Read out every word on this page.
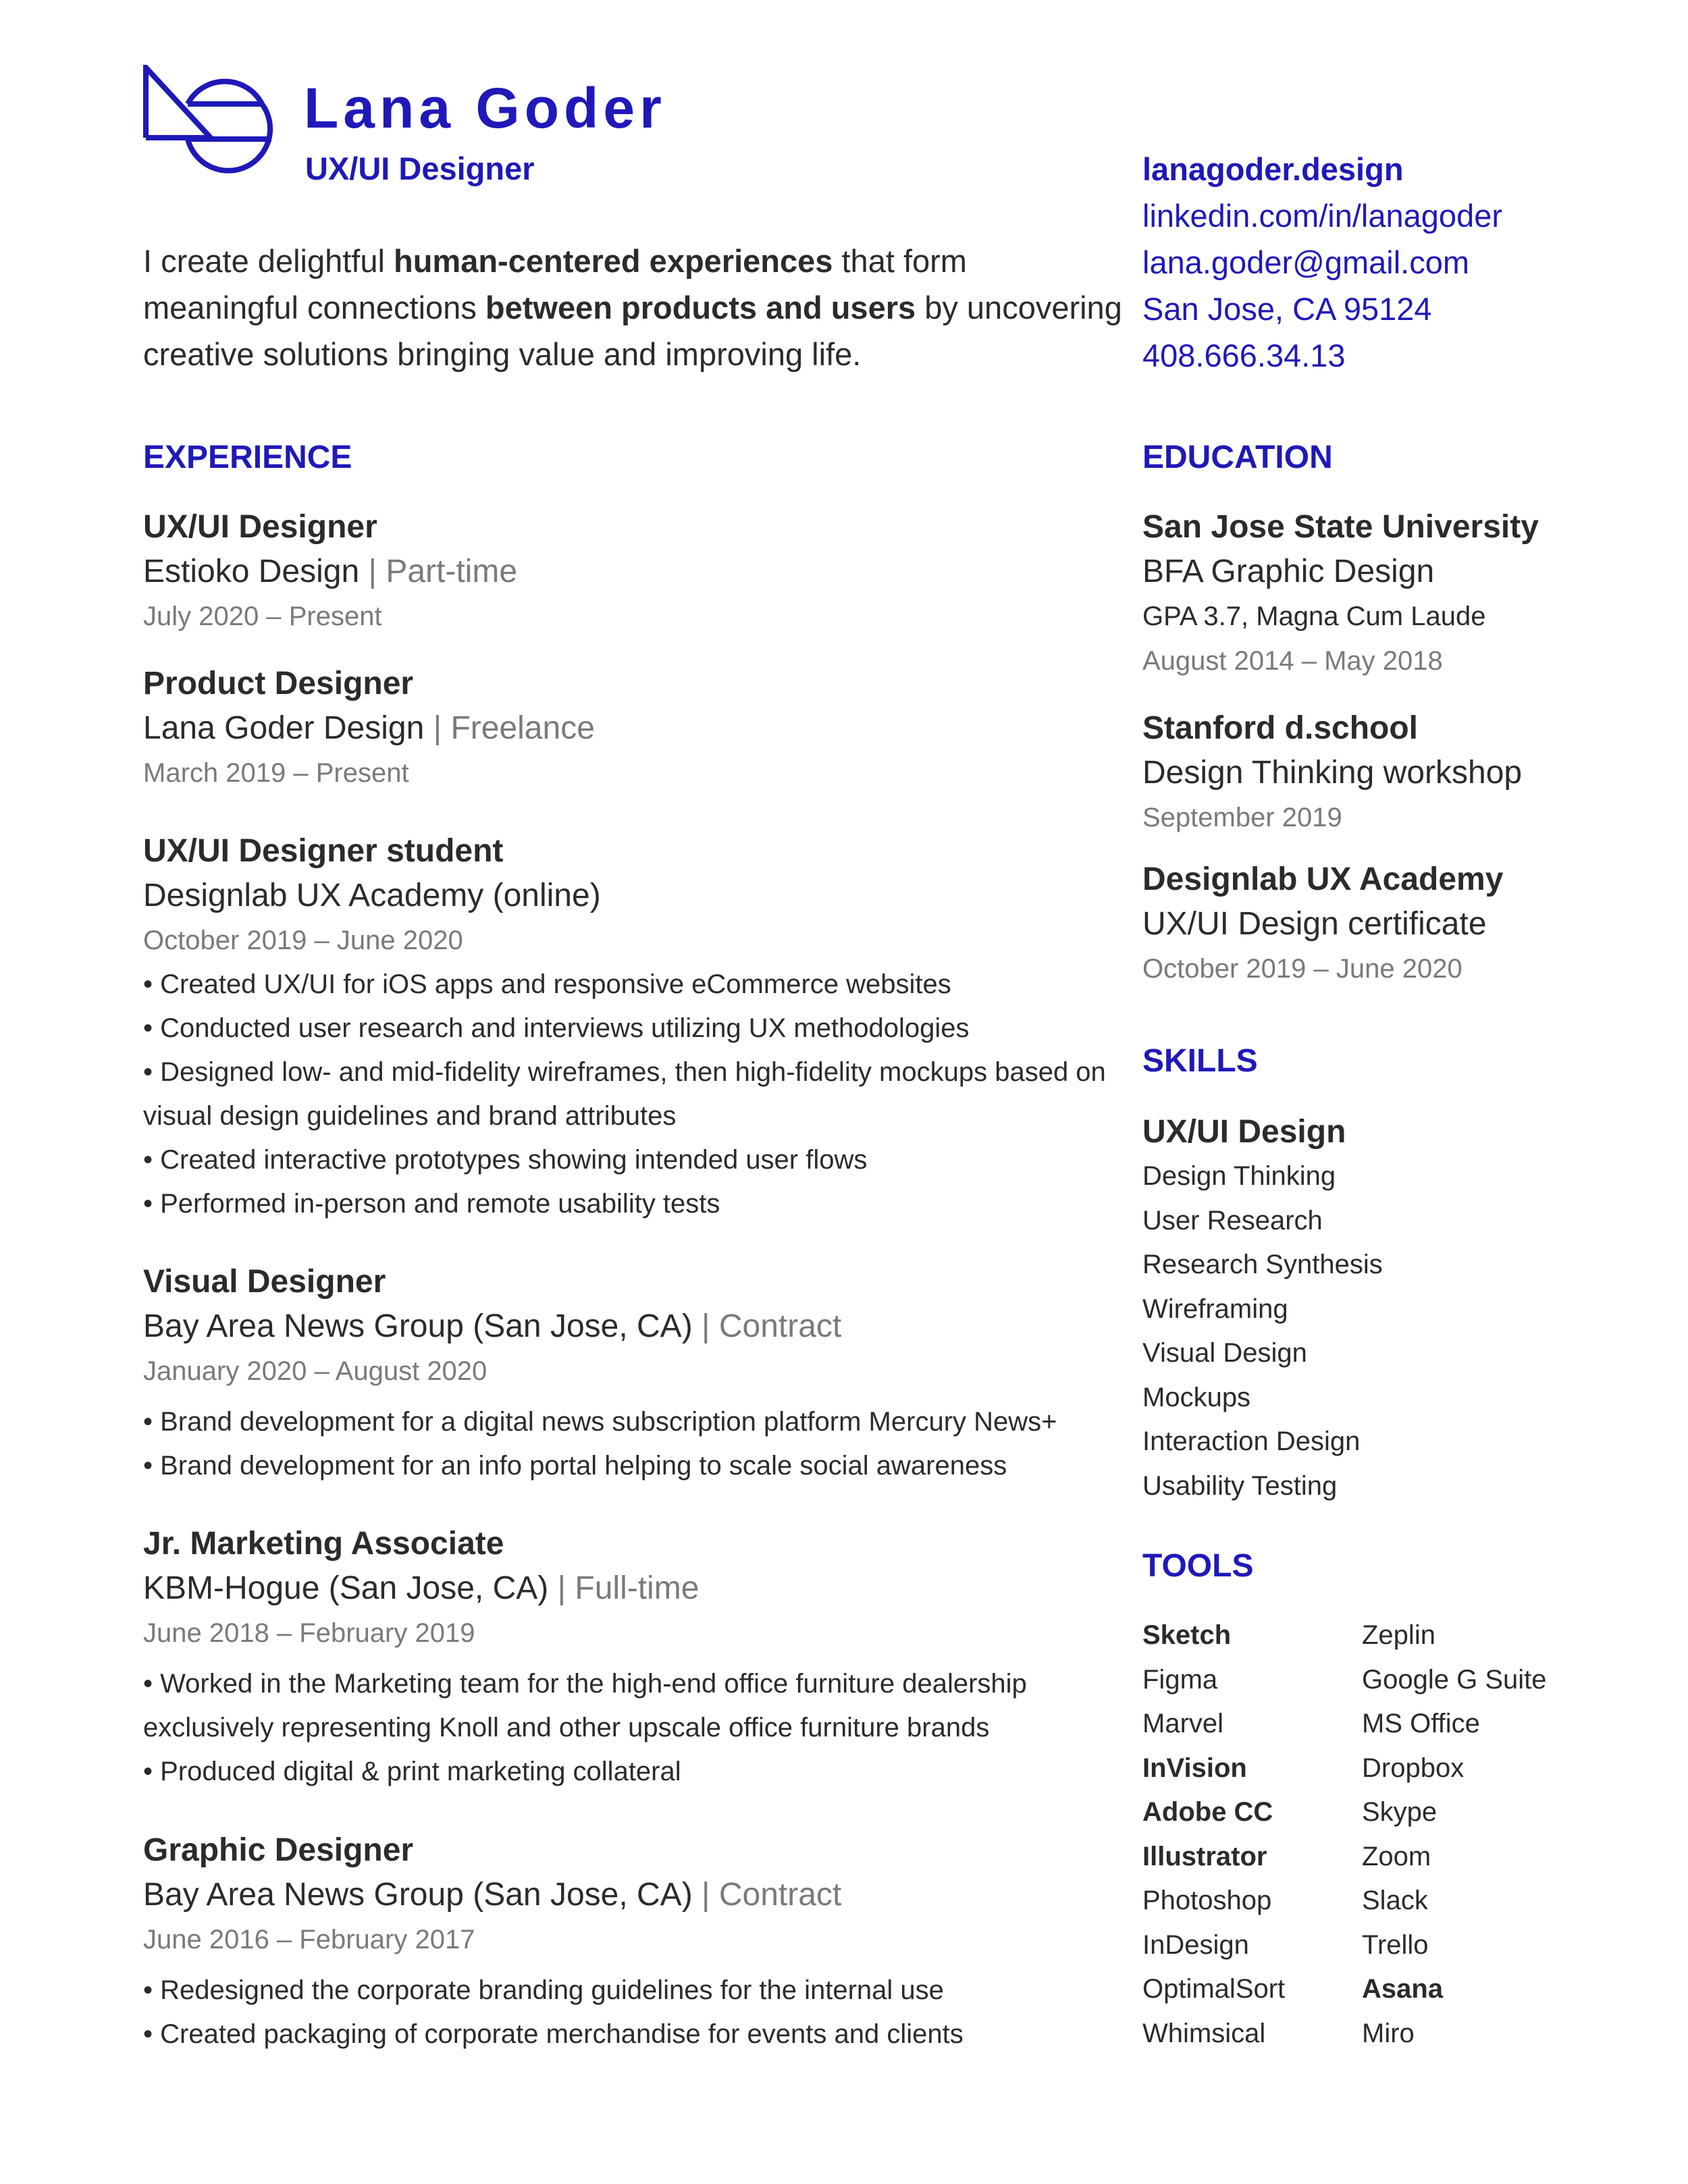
Lana Goder
UX/UI Designer
I create delightful human-centered experiences that form meaningful connections between products and users by uncovering creative solutions bringing value and improving life.
lanagoder.design
linkedin.com/in/lanagoder
lana.goder@gmail.com
San Jose, CA 95124
408.666.34.13
EXPERIENCE
UX/UI Designer
Estioko Design | Part-time
July 2020 – Present
Product Designer
Lana Goder Design | Freelance
March 2019 – Present
UX/UI Designer student
Designlab UX Academy (online)
October 2019 – June 2020
• Created UX/UI for iOS apps and responsive eCommerce websites
• Conducted user research and interviews utilizing UX methodologies
• Designed low- and mid-fidelity wireframes, then high-fidelity mockups based on visual design guidelines and brand attributes
• Created interactive prototypes showing intended user flows
• Performed in-person and remote usability tests
Visual Designer
Bay Area News Group (San Jose, CA) | Contract
January 2020 – August 2020
• Brand development for a digital news subscription platform Mercury News+
• Brand development for an info portal helping to scale social awareness
Jr. Marketing Associate
KBM-Hogue (San Jose, CA) | Full-time
June 2018 – February 2019
• Worked in the Marketing team for the high-end office furniture dealership exclusively representing Knoll and other upscale office furniture brands
• Produced digital & print marketing collateral
Graphic Designer
Bay Area News Group (San Jose, CA) | Contract
June 2016 – February 2017
• Redesigned the corporate branding guidelines for the internal use
• Created packaging of corporate merchandise for events and clients
EDUCATION
San Jose State University
BFA Graphic Design
GPA 3.7, Magna Cum Laude
August 2014 – May 2018
Stanford d.school
Design Thinking workshop
September 2019
Designlab UX Academy
UX/UI Design certificate
October 2019 – June 2020
SKILLS
UX/UI Design
Design Thinking
User Research
Research Synthesis
Wireframing
Visual Design
Mockups
Interaction Design
Usability Testing
TOOLS
Sketch	Zeplin
Figma	Google G Suite
Marvel	MS Office
InVision	Dropbox
Adobe CC	Skype
Illustrator	Zoom
Photoshop	Slack
InDesign	Trello
OptimalSort	Asana
Whimsical	Miro
